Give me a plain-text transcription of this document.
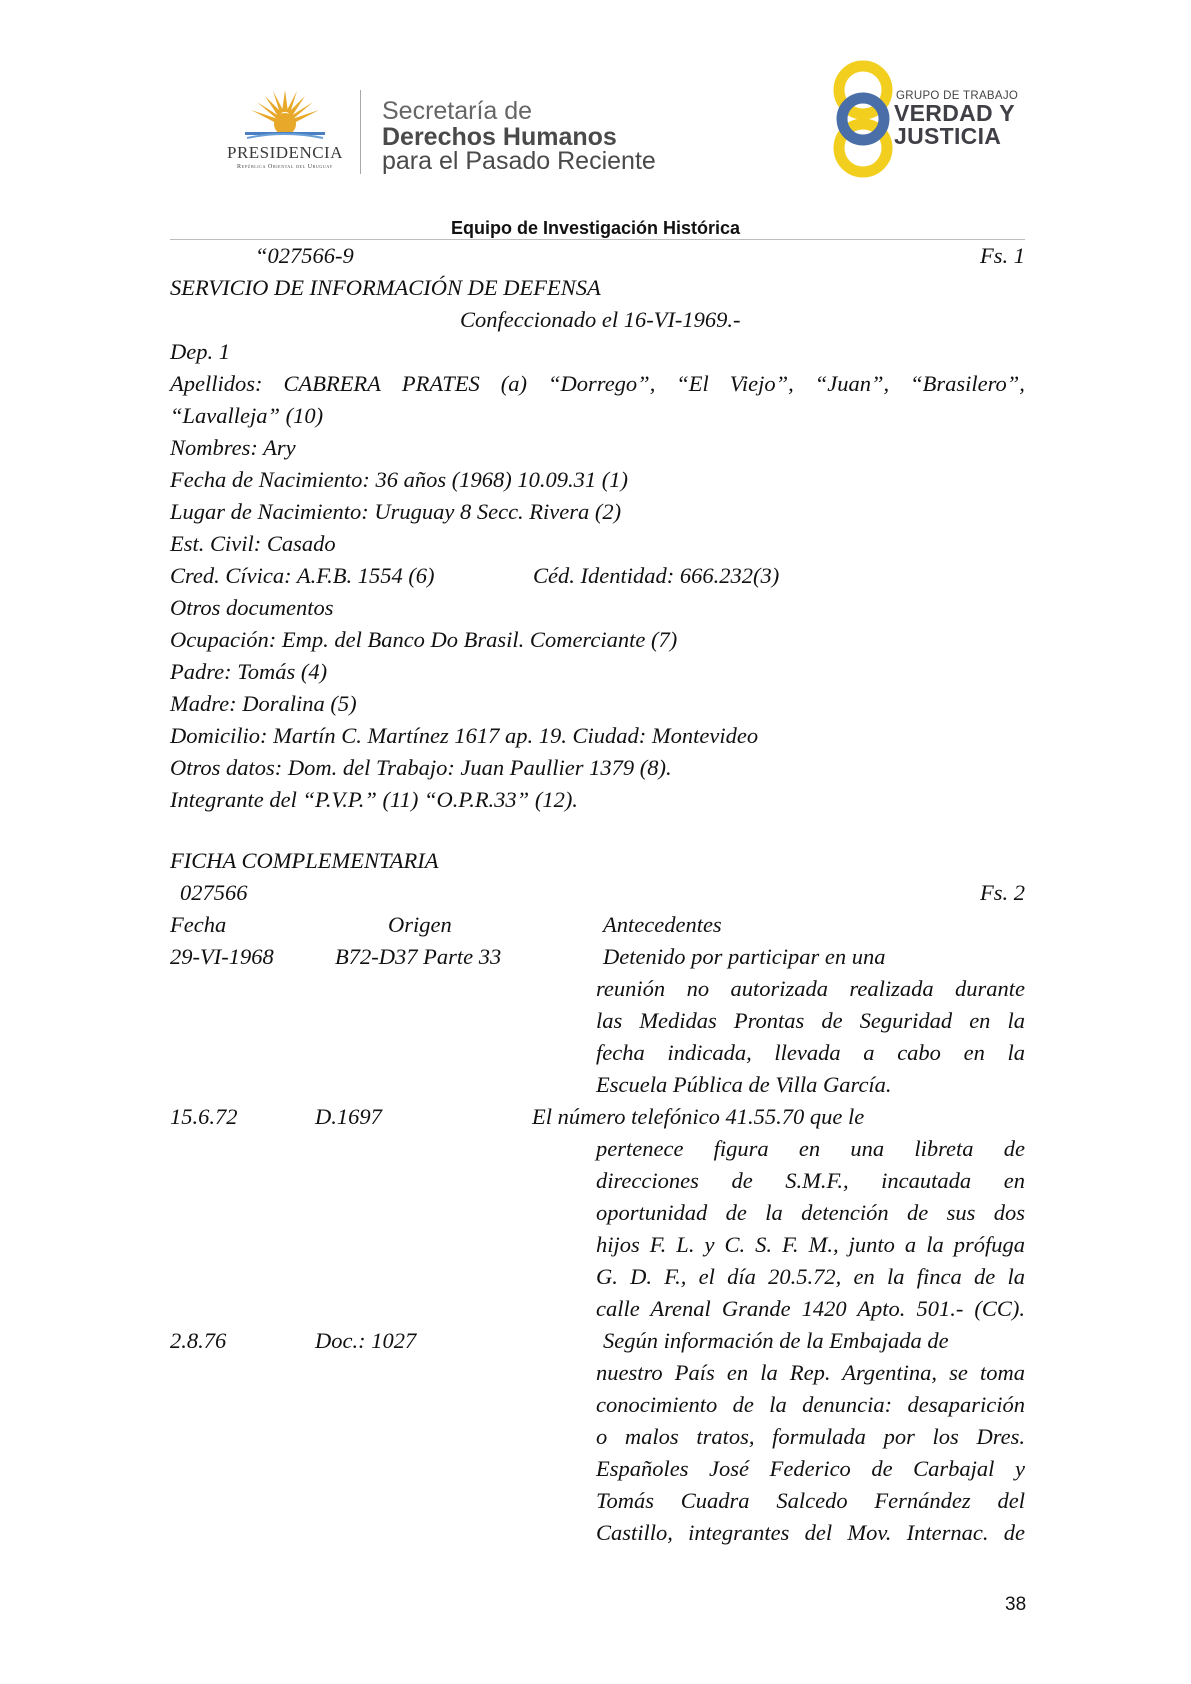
PRESIDENCIA
República Oriental del Uruguay
Secretaría de
Derechos Humanos
para el Pasado Reciente
GRUPO DE TRABAJO
VERDAD Y
JUSTICIA
Equipo de Investigación Histórica
“027566-9	Fs. 1
SERVICIO DE INFORMACIÓN DE DEFENSA
Confeccionado el 16-VI-1969.-
Dep. 1
Apellidos: CABRERA PRATES (a) “Dorrego”, “El Viejo”, “Juan”, “Brasilero”,
“Lavalleja” (10)
Nombres: Ary
Fecha de Nacimiento: 36 años (1968) 10.09.31 (1)
Lugar de Nacimiento: Uruguay 8 Secc. Rivera (2)
Est. Civil: Casado
Cred. Cívica: A.F.B. 1554 (6)	Céd. Identidad: 666.232(3)
Otros documentos
Ocupación: Emp. del Banco Do Brasil. Comerciante (7)
Padre: Tomás (4)
Madre: Doralina (5)
Domicilio: Martín C. Martínez 1617 ap. 19. Ciudad: Montevideo
Otros datos: Dom. del Trabajo: Juan Paullier 1379 (8).
Integrante del “P.V.P.” (11) “O.P.R.33” (12).
FICHA COMPLEMENTARIA
027566	Fs. 2
Fecha	Origen	Antecedentes
29-VI-1968	B72-D37 Parte 33	Detenido por participar en una
reunión no autorizada realizada durante
las Medidas Prontas de Seguridad en la
fecha indicada, llevada a cabo en la
Escuela Pública de Villa García.
15.6.72	D.1697	El número telefónico 41.55.70 que le
pertenece figura en una libreta de
direcciones de S.M.F., incautada en
oportunidad de la detención de sus dos
hijos F. L. y C. S. F. M., junto a la prófuga
G. D. F., el día 20.5.72, en la finca de la
calle Arenal Grande 1420 Apto. 501.- (CC).
2.8.76	Doc.: 1027	Según información de la Embajada de
nuestro País en la Rep. Argentina, se toma
conocimiento de la denuncia: desaparición
o malos tratos, formulada por los Dres.
Españoles José Federico de Carbajal y
Tomás Cuadra Salcedo Fernández del
Castillo, integrantes del Mov. Internac. de
38
